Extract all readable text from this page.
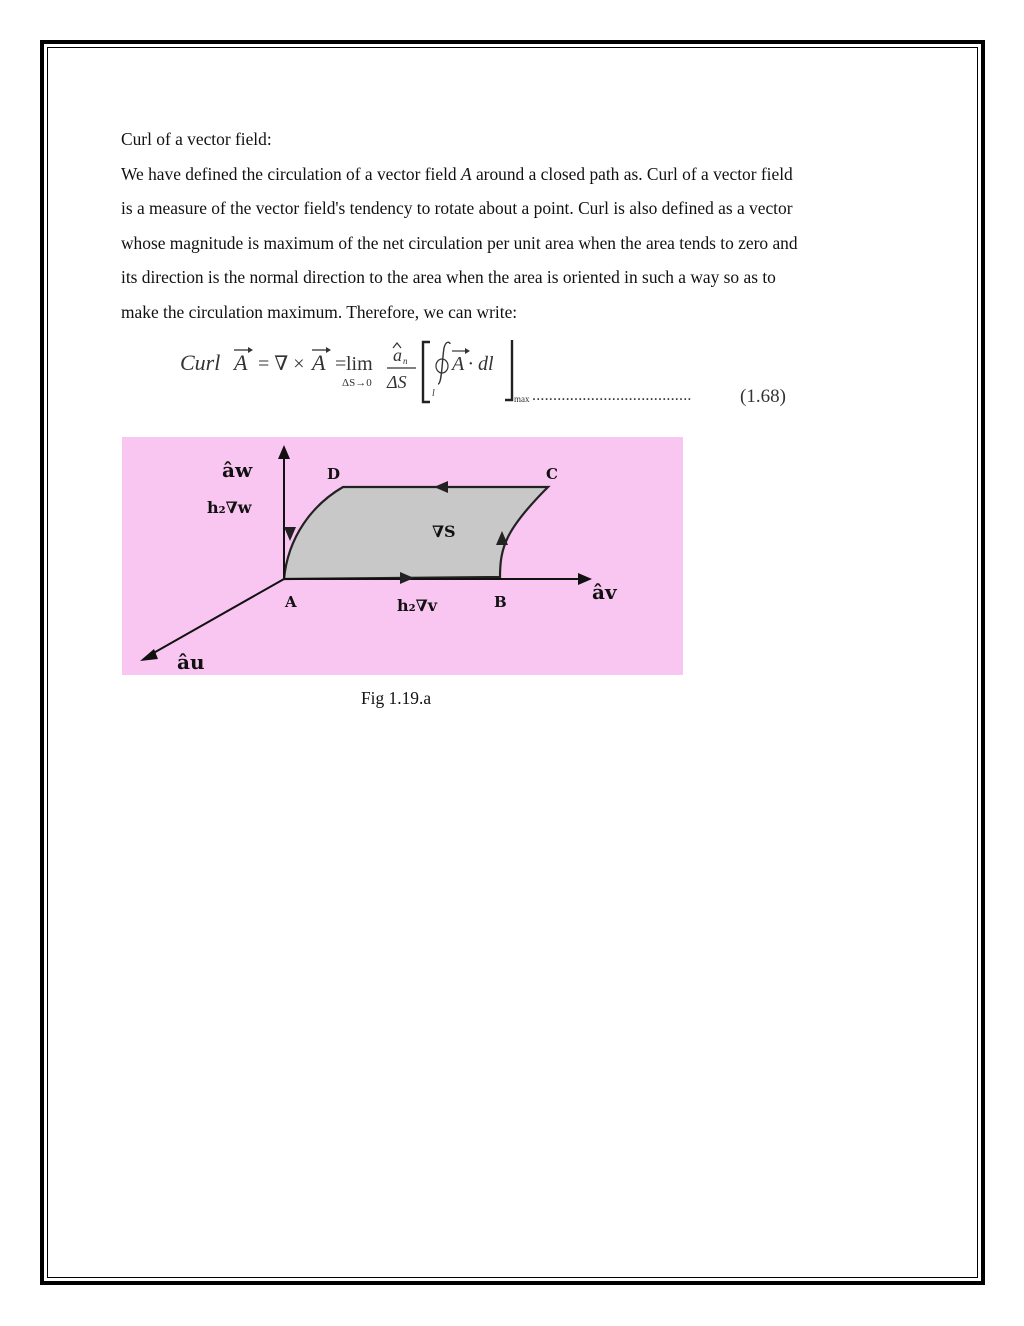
Curl of a vector field:

We have defined the circulation of a vector field A around a closed path as. Curl of a vector field

is a measure of the vector field's tendency to rotate about a point. Curl is also defined as a vector

whose magnitude is maximum of the net circulation per unit area when the area tends to zero and

its direction is the normal direction to the area when the area is oriented in such a way so as to

make the circulation maximum. Therefore, we can write:

Curl A = ∇ × A = lim
ΔS→0
a n
ΔS
l
A · dl
max ......................................	(1.68)
âw
h₂∇w
D	C
∇S
A	h₂∇v	B	âv
âu
Fig 1.19.a
